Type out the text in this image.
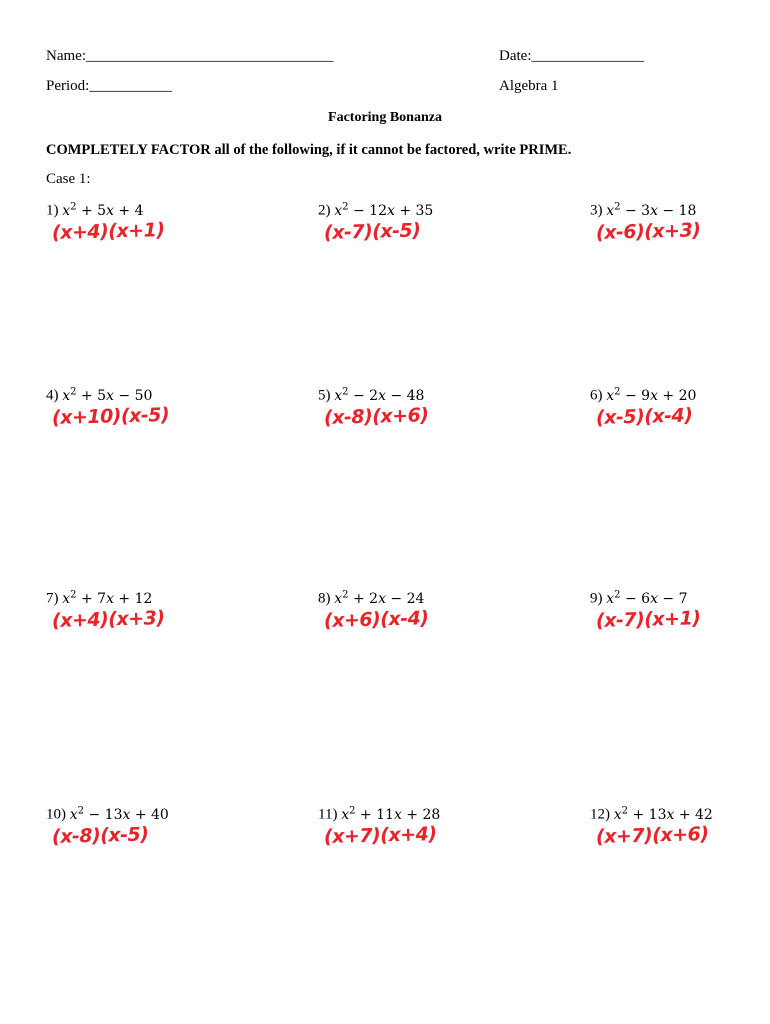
Name:_________________________________	Date:_______________
Period:___________	Algebra 1
Factoring Bonanza
COMPLETELY FACTOR all of the following, if it cannot be factored, write PRIME.
Case 1:
1) $x^2 + 5x + 4$
(x+4)(x+1)
2) $x^2 - 12x + 35$
(x-7)(x-5)
3) $x^2 - 3x - 18$
(x-6)(x+3)
4) $x^2 + 5x - 50$
(x+10)(x-5)
5) $x^2 - 2x - 48$
(x-8)(x+6)
6) $x^2 - 9x + 20$
(x-5)(x-4)
7) $x^2 + 7x + 12$
(x+4)(x+3)
8) $x^2 + 2x - 24$
(x+6)(x-4)
9) $x^2 - 6x - 7$
(x-7)(x+1)
10) $x^2 - 13x + 40$
(x-8)(x-5)
11) $x^2 + 11x + 28$
(x+7)(x+4)
12) $x^2 + 13x + 42$
(x+7)(x+6)
